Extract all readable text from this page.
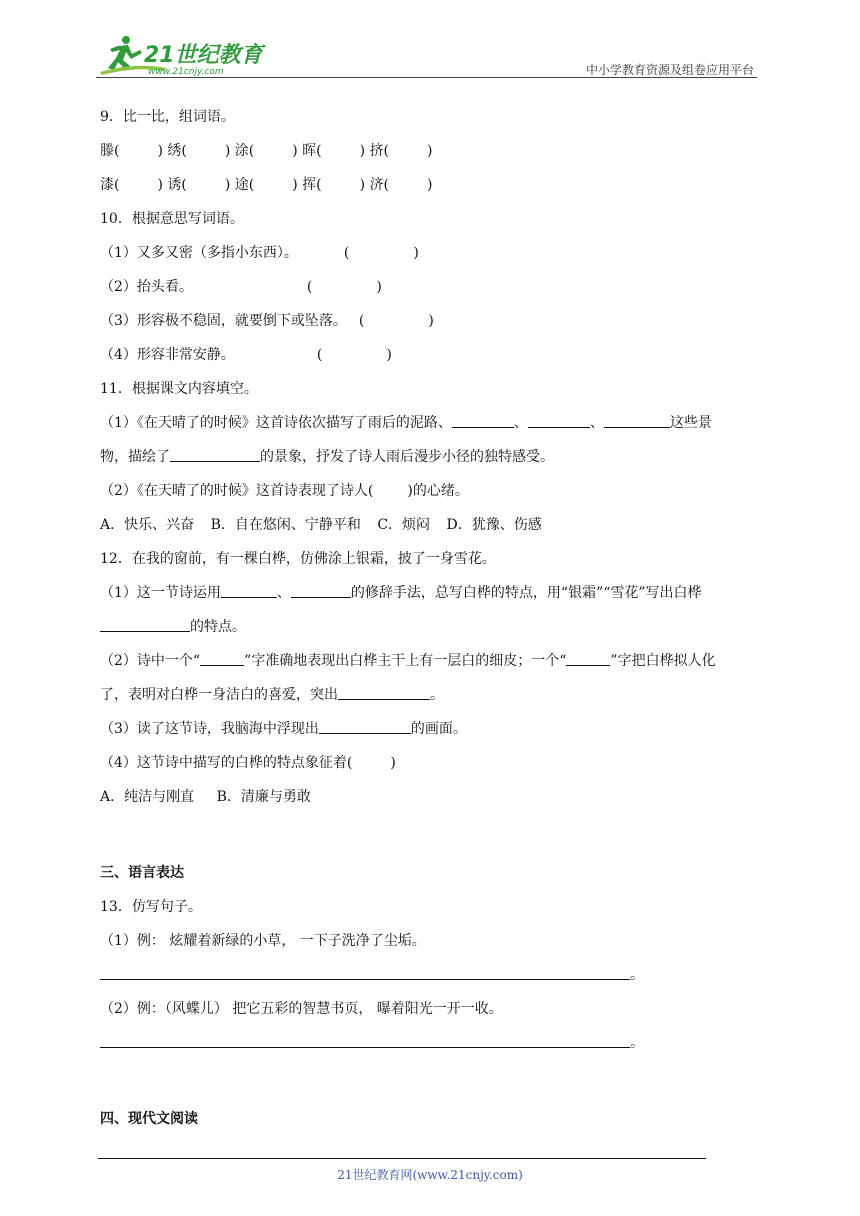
21世纪教育
www.21cnjy.com	中小学教育资源及组卷应用平台
9．比一比，组词语。
滕(	) 绣(	) 涂(	) 晖(	) 挤(	)
漆(	) 诱(	) 途(	) 挥(	) 济(	)
10．根据意思写词语。
（1）又多又密（多指小东西）。	(	)
（2）抬头看。	(	)
（3）形容极不稳固，就要倒下或坠落。 (	)
（4）形容非常安静。	(	)
11．根据课文内容填空。
（1）《在天晴了的时候》这首诗依次描写了雨后的泥路、	、	、	这些景
物，描绘了	的景象，抒发了诗人雨后漫步小径的独特感受。
（2）《在天晴了的时候》这首诗表现了诗人( )的心绪。
A．快乐、兴奋 B．自在悠闲、宁静平和 C．烦闷 D．犹豫、伤感
12．在我的窗前，有一棵白桦，仿佛涂上银霜，披了一身雪花。
（1）这一节诗运用	、	的修辞手法，总写白桦的特点，用“银霜”“雪花”写出白桦
的特点。
（2）诗中一个“	”字准确地表现出白桦主干上有一层白的细皮；一个“	”字把白桦拟人化
了，表明对白桦一身洁白的喜爱，突出	。
（3）读了这节诗，我脑海中浮现出	的画面。
（4）这节诗中描写的白桦的特点象征着(	)
A．纯洁与刚直 B．清廉与勇敢
三、语言表达
13．仿写句子。
（1）例： 炫耀着新绿的小草， 一下子洗净了尘垢。
。
（2）例：（风蝶儿） 把它五彩的智慧书页， 曝着阳光一开一收。
。
四、现代文阅读
21世纪教育网(www.21cnjy.com)
